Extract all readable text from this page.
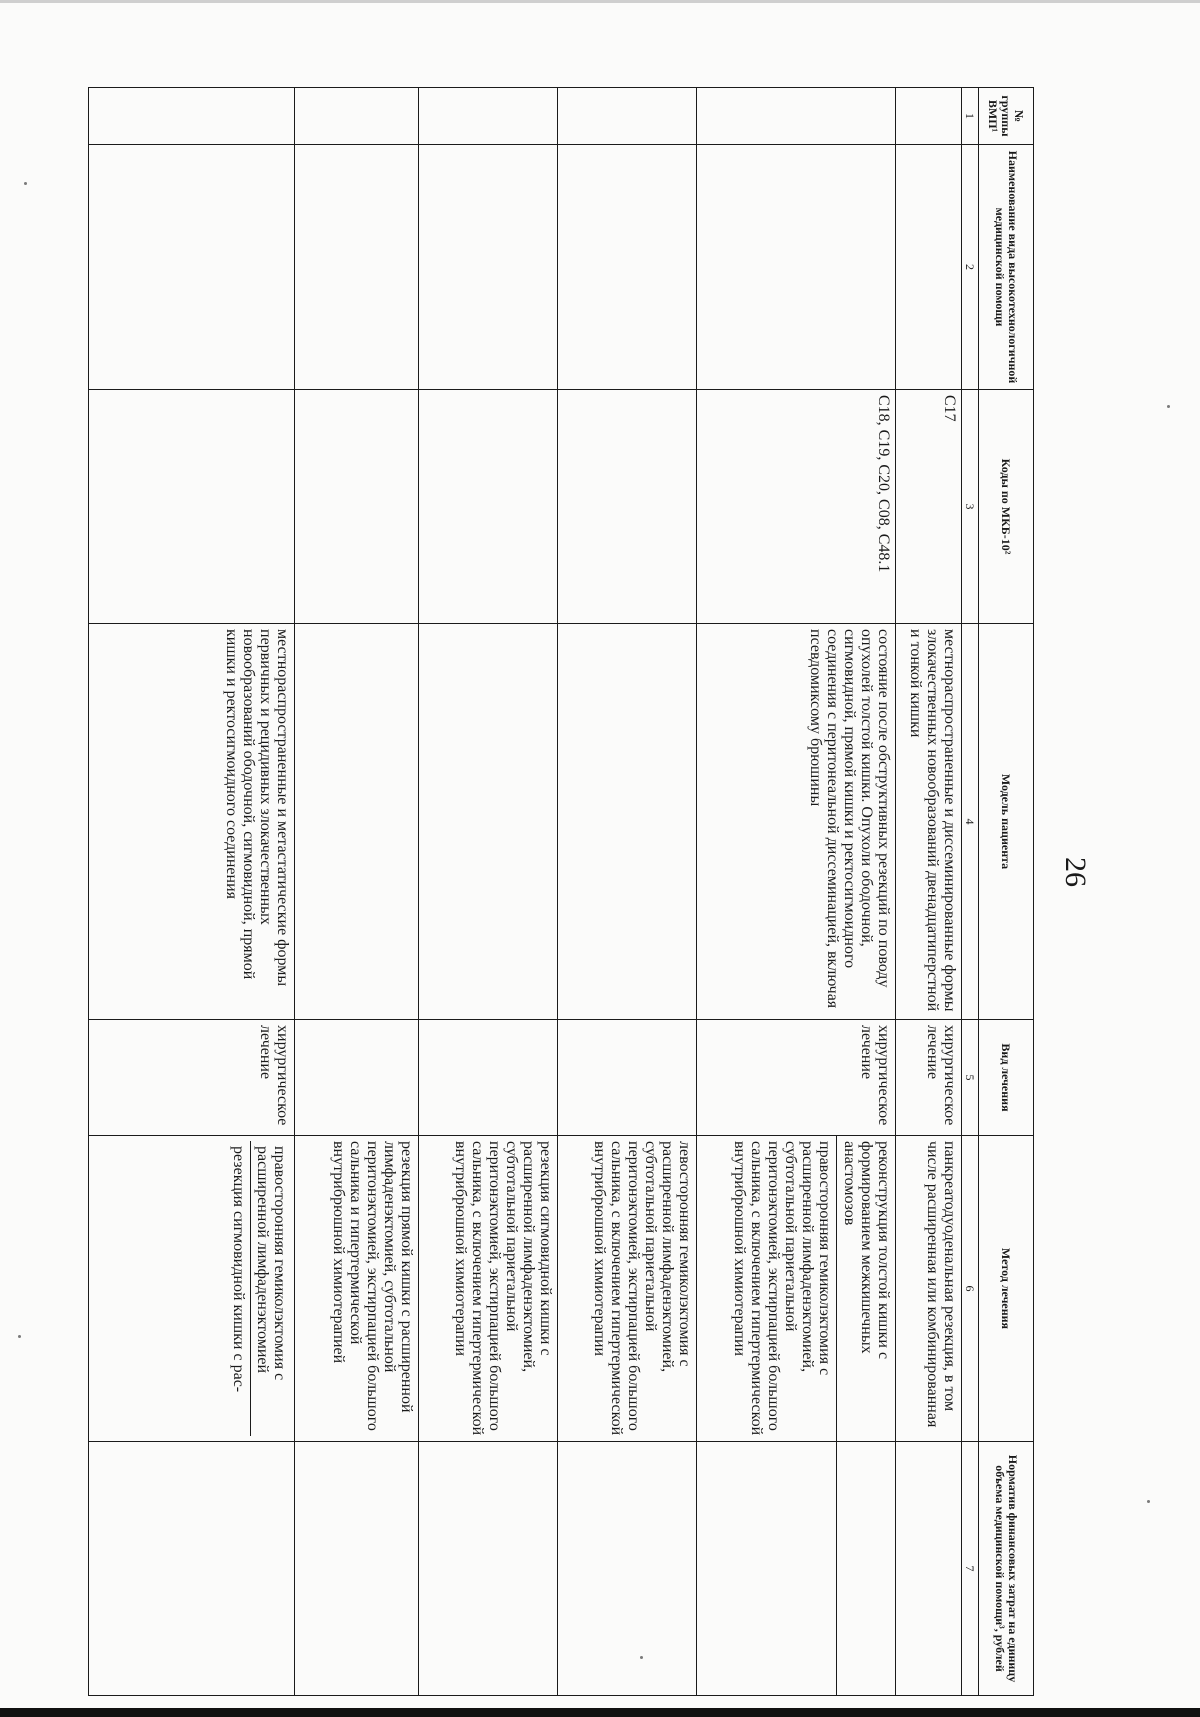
26
№ группы ВМП¹	Наименование вида высокотехнологичной медицинской помощи	Коды по МКБ-10²	Модель пациента	Вид лечения	Метод лечения	Норматив финансовых затрат на единицу объема медицинской помощи³, рублей
1	2	3	4	5	6	7
		C17	местнораспространенные и диссеминированные формы злокачественных новообразований двенадцатиперстной и тонкой кишки	хирургическое лечение	панкреатодуоденальная резекция, в том числе расширенная или комбинированная	
		C18, C19, C20, C08, C48.1	состояние после обструктивных резекций по поводу опухолей толстой кишки. Опухоли ободочной, сигмовидной, прямой кишки и ректосигмоидного соединения с перитонеальной диссеминацией, включая псевдомиксому брюшины	хирургическое лечение	реконструкция толстой кишки с формированием межкишечных анастомозов	
					правосторонняя гемиколэктомия с расширенной лимфаденэктомией, субтотальной париетальной перитонэктомией, экстирпацией большого сальника, с включением гипертермической внутрибрюшной химиотерапии	
					левосторонняя гемиколэктомия с расширенной лимфаденэктомией, субтотальной париетальной перитонэктомией, экстирпацией большого сальника, с включением гипертермической внутрибрюшной химиотерапии	
					резекция сигмовидной кишки с расширенной лимфаденэктомией, субтотальной париетальной перитонэктомией, экстирпацией большого сальника, с включением гипертермической внутрибрюшной химиотерапии	
					резекция прямой кишки с расширенной лимфаденэктомией, субтотальной перитонэктомией, экстирпацией большого сальника и гипертермической внутрибрюшной химиотерапией	
			местнораспространенные и метастатические формы первичных и рецидивных злокачественных новообразований ободочной, сигмовидной, прямой кишки и ректосигмоидного соединения	хирургическое лечение	правосторонняя гемиколэктомия с расширенной лимфаденэктомией
резекция сигмовидной кишки с рас-	
